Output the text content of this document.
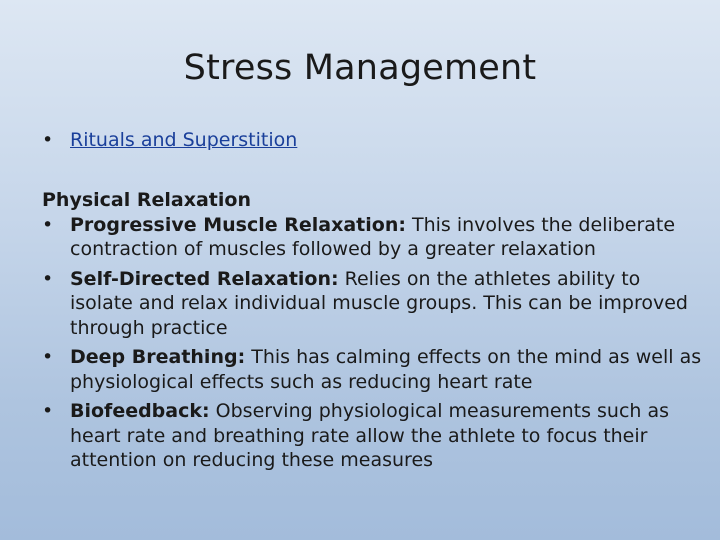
Stress Management
• Rituals and Superstition

Physical Relaxation

• Progressive Muscle Relaxation: This involves the deliberate contraction of muscles followed by a greater relaxation
• Self-Directed Relaxation: Relies on the athletes ability to isolate and relax individual muscle groups. This can be improved through practice
• Deep Breathing: This has calming effects on the mind as well as physiological effects such as reducing heart rate
• Biofeedback: Observing physiological measurements such as heart rate and breathing rate allow the athlete to focus their attention on reducing these measures
